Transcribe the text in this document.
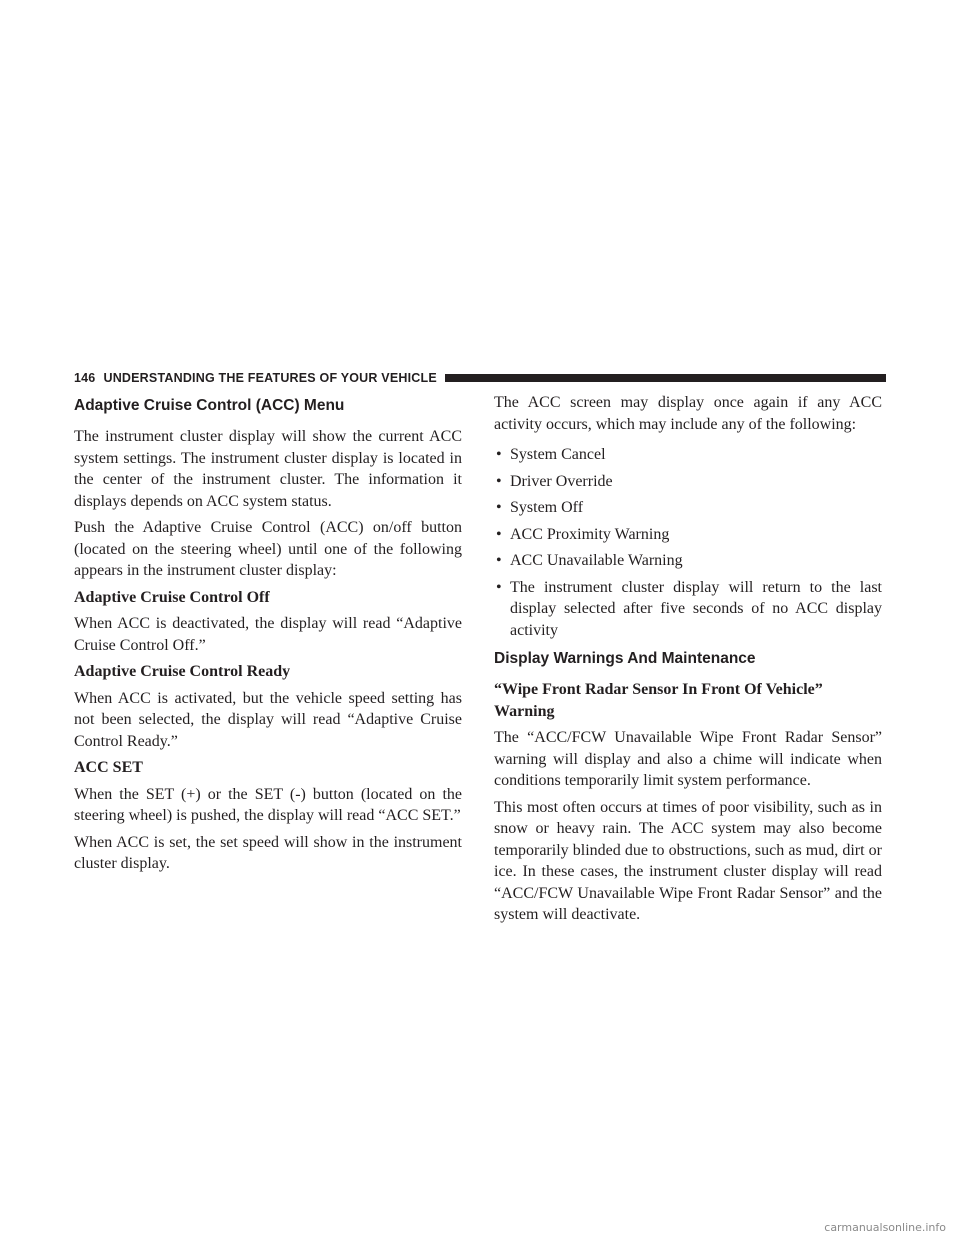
146 UNDERSTANDING THE FEATURES OF YOUR VEHICLE
Adaptive Cruise Control (ACC) Menu

The instrument cluster display will show the current ACC system settings. The instrument cluster display is located in the center of the instrument cluster. The information it displays depends on ACC system status.

Push the Adaptive Cruise Control (ACC) on/off button (located on the steering wheel) until one of the following appears in the instrument cluster display:

Adaptive Cruise Control Off

When ACC is deactivated, the display will read “Adaptive Cruise Control Off.”

Adaptive Cruise Control Ready

When ACC is activated, but the vehicle speed setting has not been selected, the display will read “Adaptive Cruise Control Ready.”

ACC SET

When the SET (+) or the SET (-) button (located on the steering wheel) is pushed, the display will read “ACC SET.”

When ACC is set, the set speed will show in the instrument cluster display.

The ACC screen may display once again if any ACC activity occurs, which may include any of the following:

• System Cancel
• Driver Override
• System Off
• ACC Proximity Warning
• ACC Unavailable Warning
• The instrument cluster display will return to the last display selected after five seconds of no ACC display activity
Display Warnings And Maintenance

“Wipe Front Radar Sensor In Front Of Vehicle” Warning

The “ACC/FCW Unavailable Wipe Front Radar Sensor” warning will display and also a chime will indicate when conditions temporarily limit system performance.

This most often occurs at times of poor visibility, such as in snow or heavy rain. The ACC system may also become temporarily blinded due to obstructions, such as mud, dirt or ice. In these cases, the instrument cluster display will read “ACC/FCW Unavailable Wipe Front Radar Sensor” and the system will deactivate.

carmanualsonline.info
